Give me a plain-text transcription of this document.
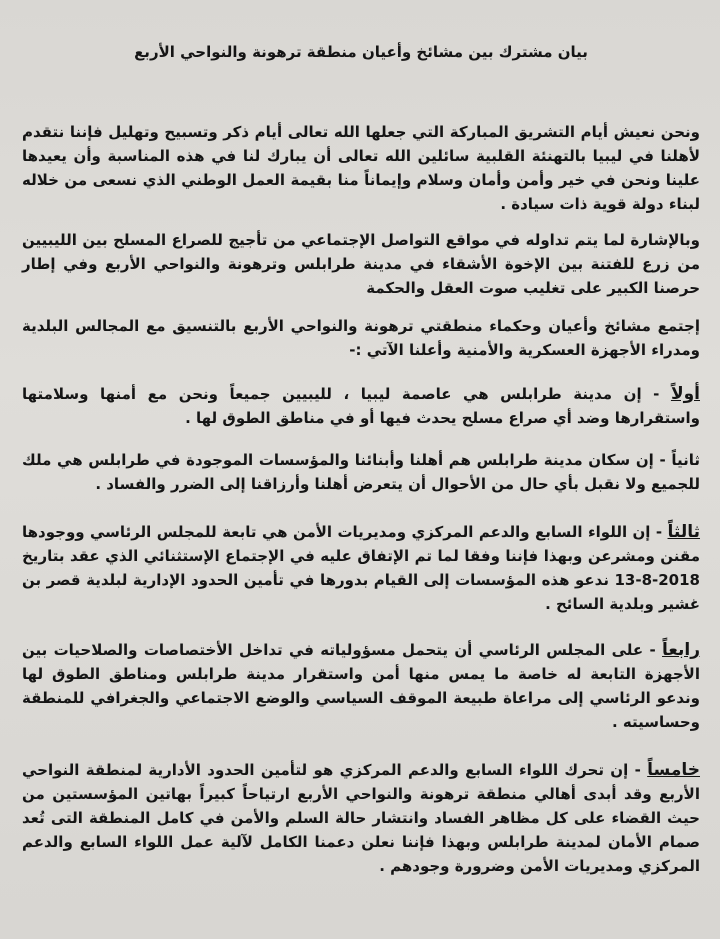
بيان مشترك بين مشائخ وأعيان منطقة ترهونة والنواحي الأربع

ونحن نعيش أيام التشريق المباركة التي جعلها الله تعالى أيام ذكر وتسبيح وتهليل فإننا نتقدم لأهلنا في ليبيا بالتهنئة القلبية سائلين الله تعالى أن يبارك لنا في هذه المناسبة وأن يعيدها علينا ونحن في خير وأمن وأمان وسلام وإيماناً منا بقيمة العمل الوطني الذي نسعى من خلاله لبناء دولة قوية ذات سيادة .

وبالإشارة لما يتم تداوله في مواقع التواصل الإجتماعي من تأجيج للصراع المسلح بين الليبيين من زرع للفتنة بين الإخوة الأشقاء في مدينة طرابلس وترهونة والنواحي الأربع وفي إطار حرصنا الكبير على تغليب صوت العقل والحكمة

إجتمع مشائخ وأعيان وحكماء منطقتي ترهونة والنواحي الأربع بالتنسيق مع المجالس البلدية ومدراء الأجهزة العسكرية والأمنية وأعلنا الآتي :-

أولاً - إن مدينة طرابلس هي عاصمة ليبيا ، لليبيين جميعاً ونحن مع أمنها وسلامتها واستقرارها وضد أي صراع مسلح يحدث فيها أو في مناطق الطوق لها .

ثانياً - إن سكان مدينة طرابلس هم أهلنا وأبنائنا والمؤسسات الموجودة في طرابلس هي ملك للجميع ولا نقبل بأي حال من الأحوال أن يتعرض أهلنا وأرزاقنا إلى الضرر والفساد .

ثالثاً - إن اللواء السابع والدعم المركزي ومديريات الأمن هي تابعة للمجلس الرئاسي ووجودها مقنن ومشرعن وبهذا فإننا وفقا لما تم الإتفاق عليه في الإجتماع الإستثنائي الذي عقد بتاريخ 13-8-2018 ندعو هذه المؤسسات إلى القيام بدورها في تأمين الحدود الإدارية لبلدية قصر بن غشير وبلدية السائح .

رابعاً - على المجلس الرئاسي أن يتحمل مسؤولياته في تداخل الأختصاصات والصلاحيات بين الأجهزة التابعة له خاصة ما يمس منها أمن واستقرار مدينة طرابلس ومناطق الطوق لها وندعو الرئاسي إلى مراعاة طبيعة الموقف السياسي والوضع الاجتماعي والجغرافي للمنطقة وحساسيته .

خامساً - إن تحرك اللواء السابع والدعم المركزي هو لتأمين الحدود الأدارية لمنطقة النواحي الأربع وقد أبدى أهالي منطقة ترهونة والنواحي الأربع ارتياحاً كبيراً بهاتين المؤسستين من حيث القضاء على كل مظاهر الفساد وانتشار حالة السلم والأمن في كامل المنطقة التى تُعد صمام الأمان لمدينة طرابلس وبهذا فإننا نعلن دعمنا الكامل لآلية عمل اللواء السابع والدعم المركزي ومديريات الأمن وضرورة وجودهم .
